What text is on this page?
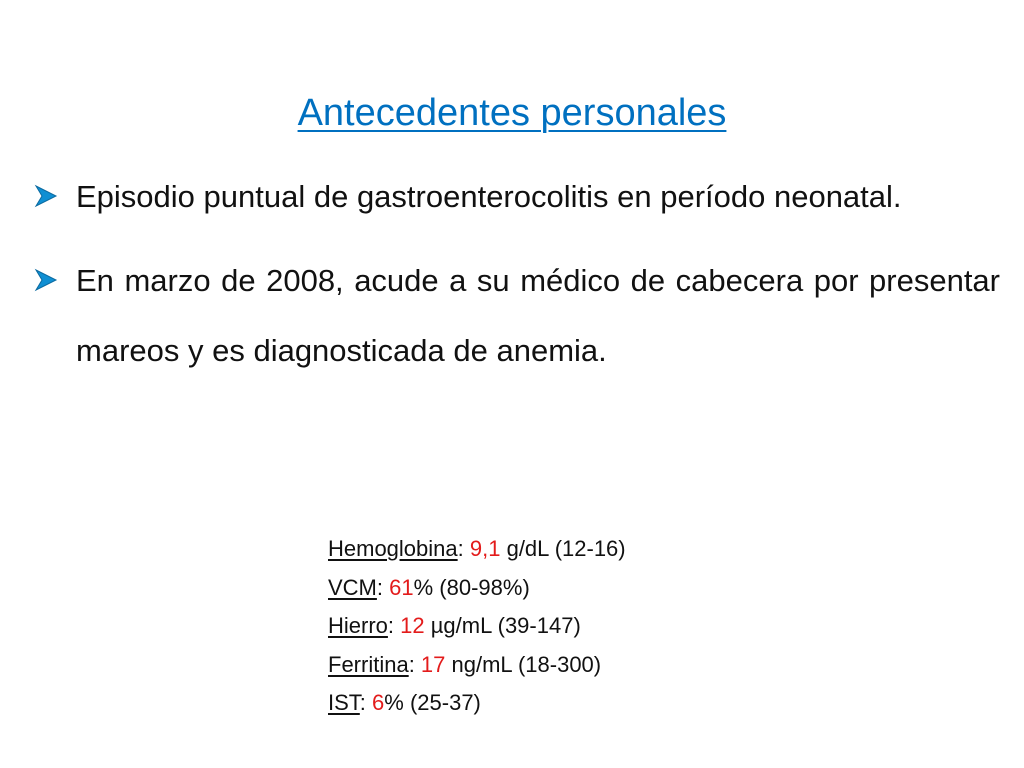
Antecedentes personales
Episodio puntual de gastroenterocolitis en período neonatal.
En marzo de 2008, acude a su médico de cabecera por presentar mareos y es diagnosticada de anemia.
Hemoglobina: 9,1 g/dL (12-16)
VCM: 61% (80-98%)
Hierro: 12 µg/mL (39-147)
Ferritina: 17 ng/mL (18-300)
IST: 6% (25-37)
